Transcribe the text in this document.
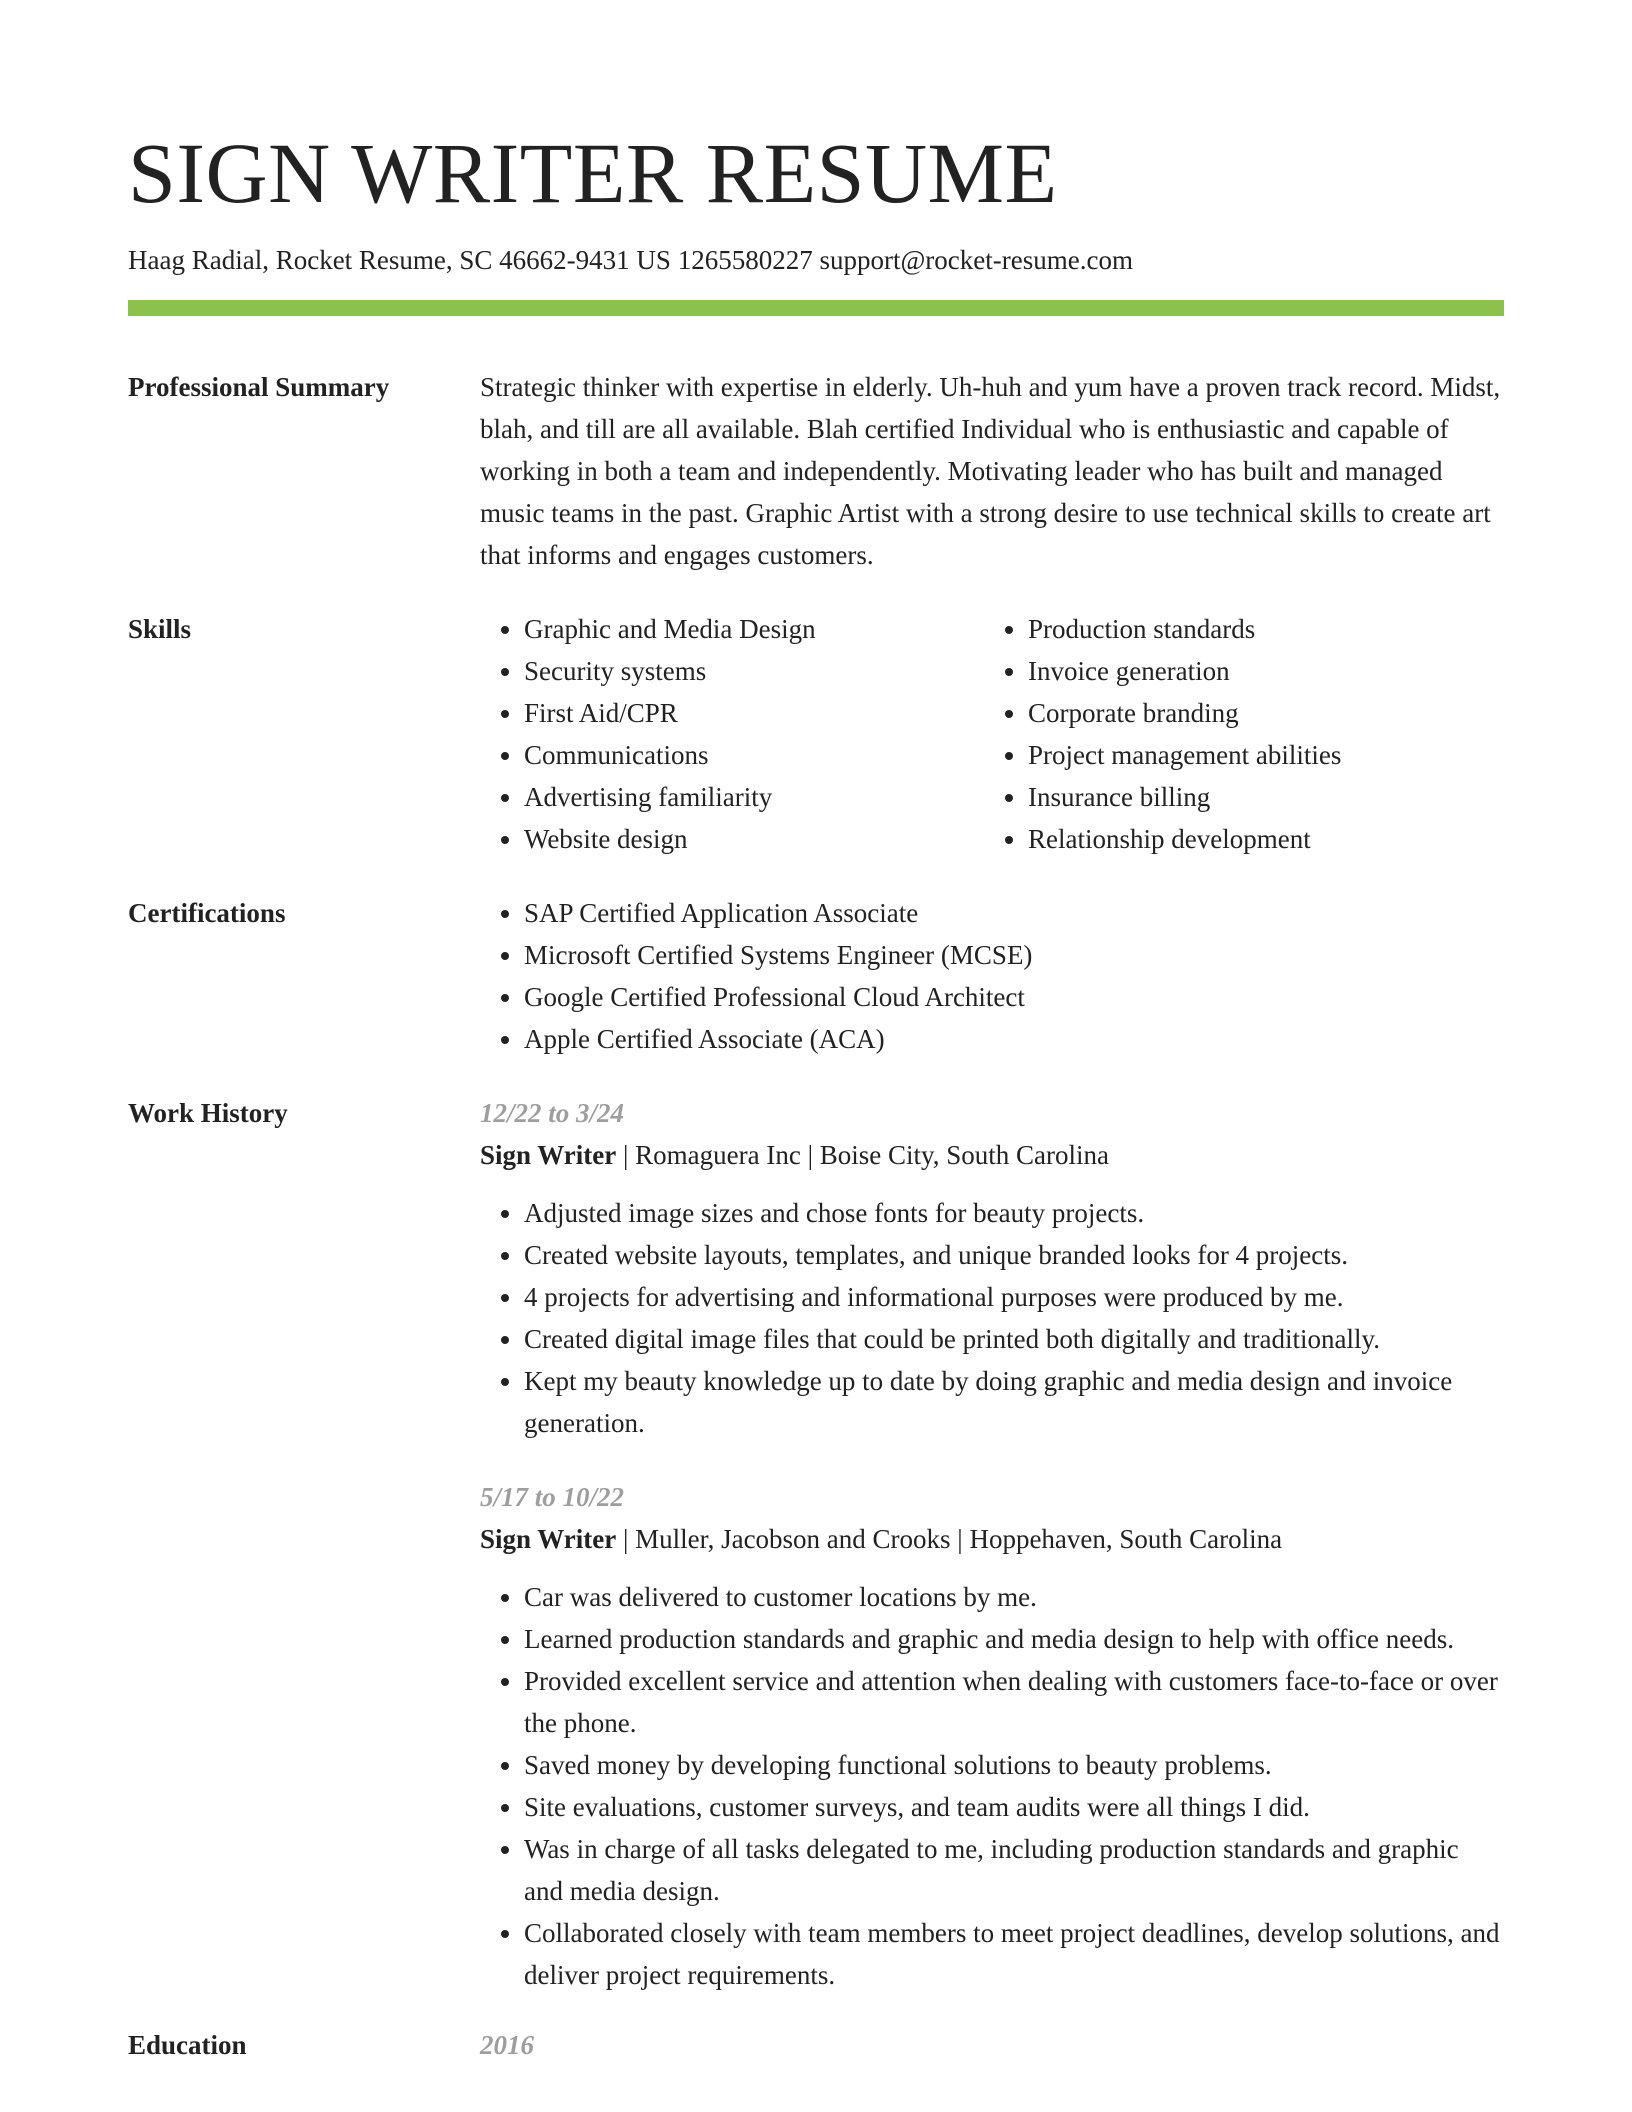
SIGN WRITER RESUME
Haag Radial, Rocket Resume, SC 46662-9431 US 1265580227 support@rocket-resume.com
Professional Summary	Strategic thinker with expertise in elderly. Uh-huh and yum have a proven track record. Midst, blah, and till are all available. Blah certified Individual who is enthusiastic and capable of working in both a team and independently. Motivating leader who has built and managed music teams in the past. Graphic Artist with a strong desire to use technical skills to create art that informs and engages customers.
Skills	• Graphic and Media Design
• Security systems
• First Aid/CPR
• Communications
• Advertising familiarity
• Website design
• Production standards
• Invoice generation
• Corporate branding
• Project management abilities
• Insurance billing
• Relationship development
Certifications	• SAP Certified Application Associate
• Microsoft Certified Systems Engineer (MCSE)
• Google Certified Professional Cloud Architect
• Apple Certified Associate (ACA)
Work History	12/22 to 3/24
Sign Writer | Romaguera Inc | Boise City, South Carolina
• Adjusted image sizes and chose fonts for beauty projects.
• Created website layouts, templates, and unique branded looks for 4 projects.
• 4 projects for advertising and informational purposes were produced by me.
• Created digital image files that could be printed both digitally and traditionally.
• Kept my beauty knowledge up to date by doing graphic and media design and invoice generation.
5/17 to 10/22
Sign Writer | Muller, Jacobson and Crooks | Hoppehaven, South Carolina
• Car was delivered to customer locations by me.
• Learned production standards and graphic and media design to help with office needs.
• Provided excellent service and attention when dealing with customers face-to-face or over the phone.
• Saved money by developing functional solutions to beauty problems.
• Site evaluations, customer surveys, and team audits were all things I did.
• Was in charge of all tasks delegated to me, including production standards and graphic and media design.
• Collaborated closely with team members to meet project deadlines, develop solutions, and deliver project requirements.
Education	2016
